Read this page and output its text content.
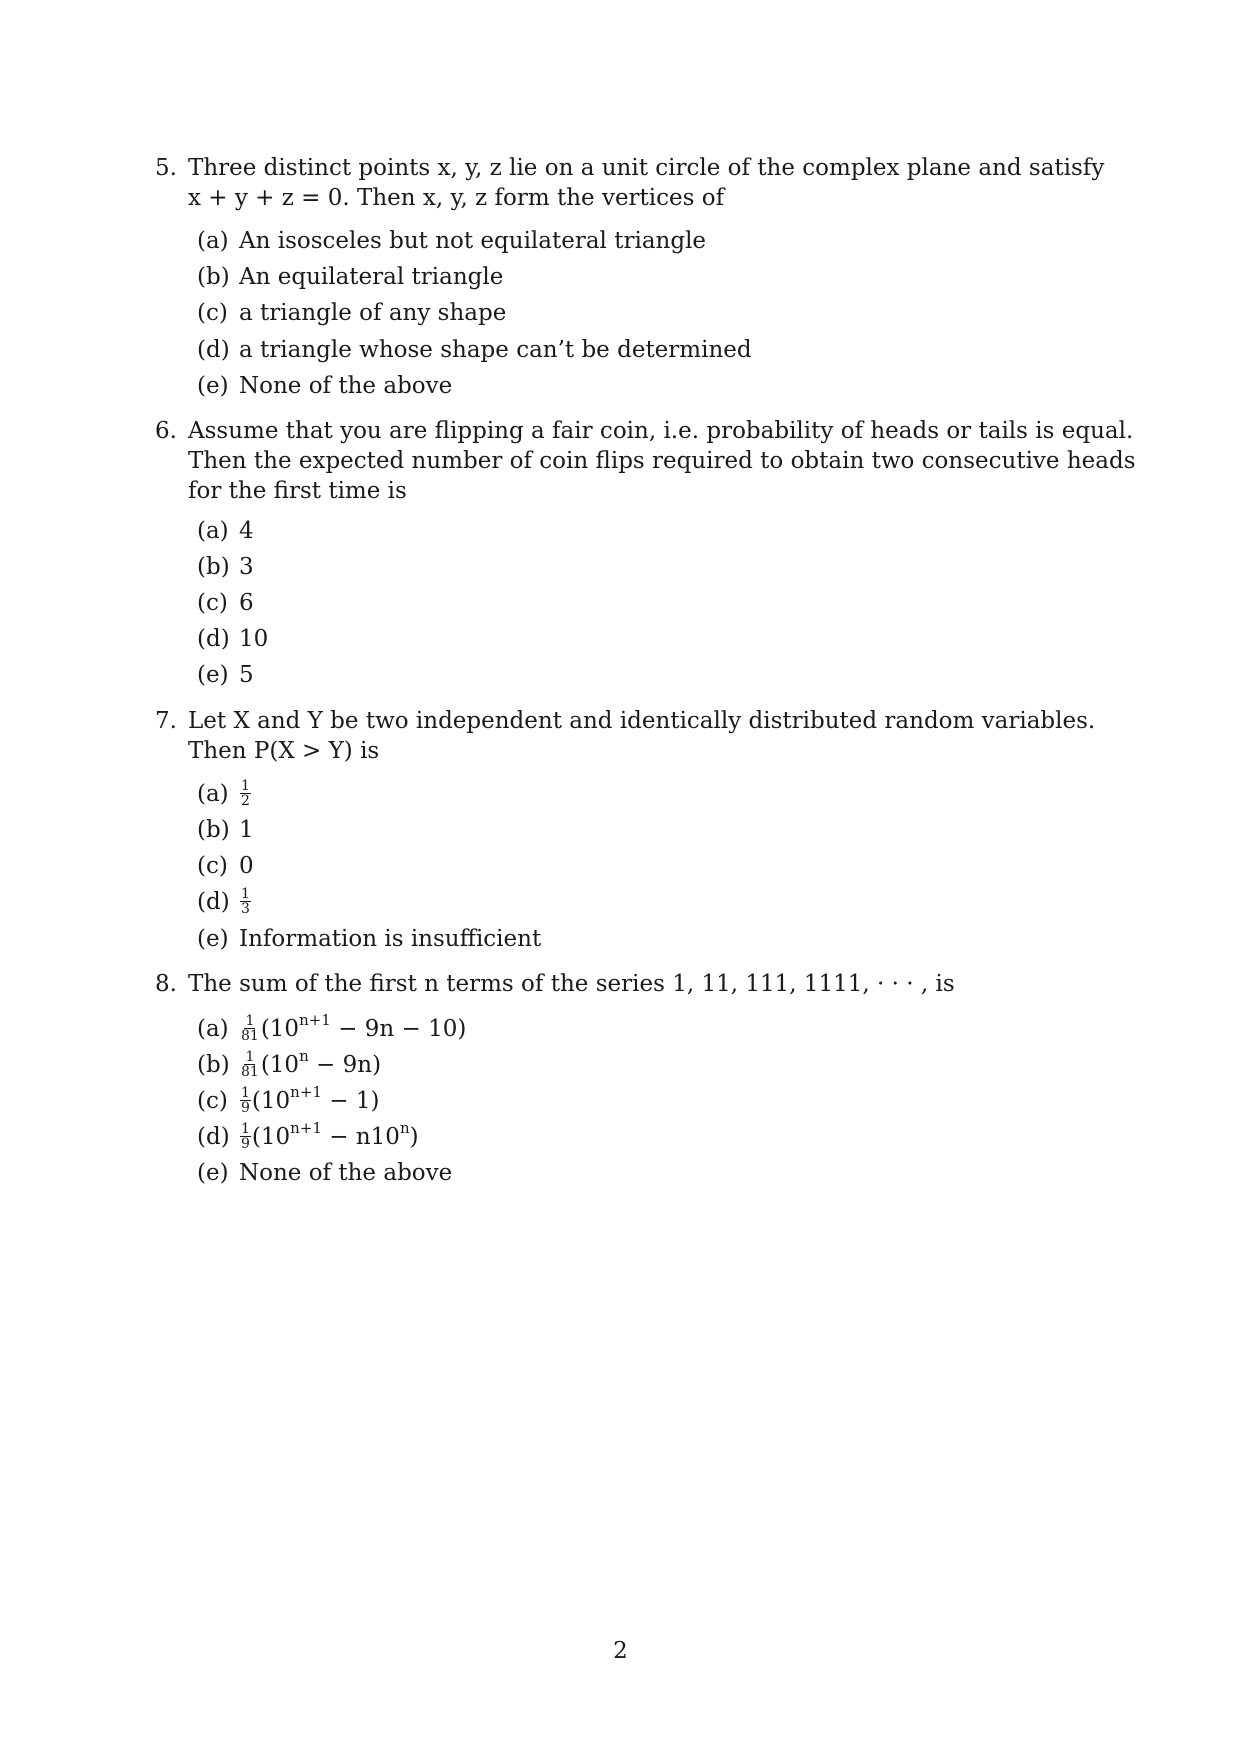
5. Three distinct points x, y, z lie on a unit circle of the complex plane and satisfy
x + y + z = 0. Then x, y, z form the vertices of
(a) An isosceles but not equilateral triangle
(b) An equilateral triangle
(c) a triangle of any shape
(d) a triangle whose shape can’t be determined
(e) None of the above
6. Assume that you are flipping a fair coin, i.e. probability of heads or tails is equal.
Then the expected number of coin flips required to obtain two consecutive heads
for the first time is
(a) 4
(b) 3
(c) 6
(d) 10
(e) 5
7. Let X and Y be two independent and identically distributed random variables.
Then P(X > Y) is
$(a) \frac{1}{2}$
(b) 1
(c) 0
$(d) \frac{1}{3}$
(e) Information is insufficient
8. The sum of the first n terms of the series 1, 11, 111, 1111, · · · , is
$(a) \frac{1}{81} (10^{n+1} - 9n - 10)$
$(b) \frac{1}{81} (10^n - 9n)$
$(c) \frac{1}{9} (10^{n+1} - 1)$
$(d) \frac{1}{9} (10^{n+1} - n10^n)$
(e) None of the above
2
